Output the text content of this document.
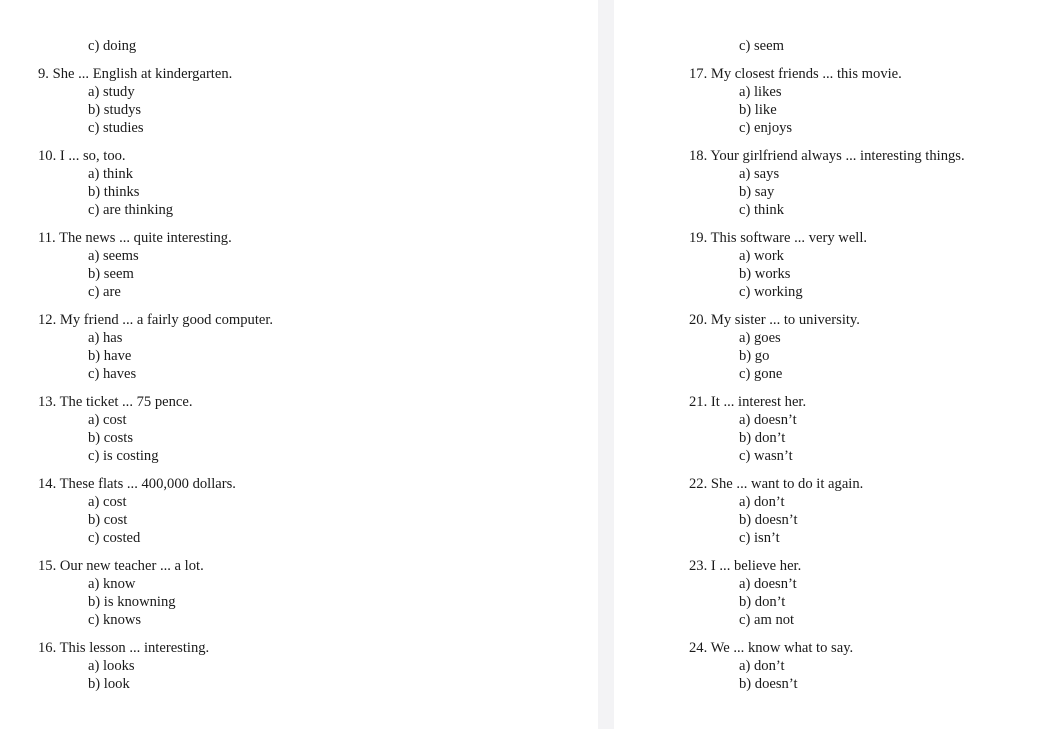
c) doing
9. She ... English at kindergarten.
a) study
b) studys
c) studies
10. I ... so, too.
a) think
b) thinks
c) are thinking
11. The news ... quite interesting.
a) seems
b) seem
c) are
12. My friend ... a fairly good computer.
a) has
b) have
c) haves
13. The ticket ... 75 pence.
a) cost
b) costs
c) is costing
14. These flats ... 400,000 dollars.
a) cost
b) cost
c) costed
15. Our new teacher ... a lot.
a) know
b) is knowning
c) knows
16. This lesson ... interesting.
a) looks
b) look
c) seem
17. My closest friends ... this movie.
a) likes
b) like
c) enjoys
18. Your girlfriend always ... interesting things.
a) says
b) say
c) think
19. This software ... very well.
a) work
b) works
c) working
20. My sister ... to university.
a) goes
b) go
c) gone
21. It ... interest her.
a) doesn’t
b) don’t
c) wasn’t
22. She ... want to do it again.
a) don’t
b) doesn’t
c) isn’t
23. I ... believe her.
a) doesn’t
b) don’t
c) am not
24. We ... know what to say.
a) don’t
b) doesn’t
